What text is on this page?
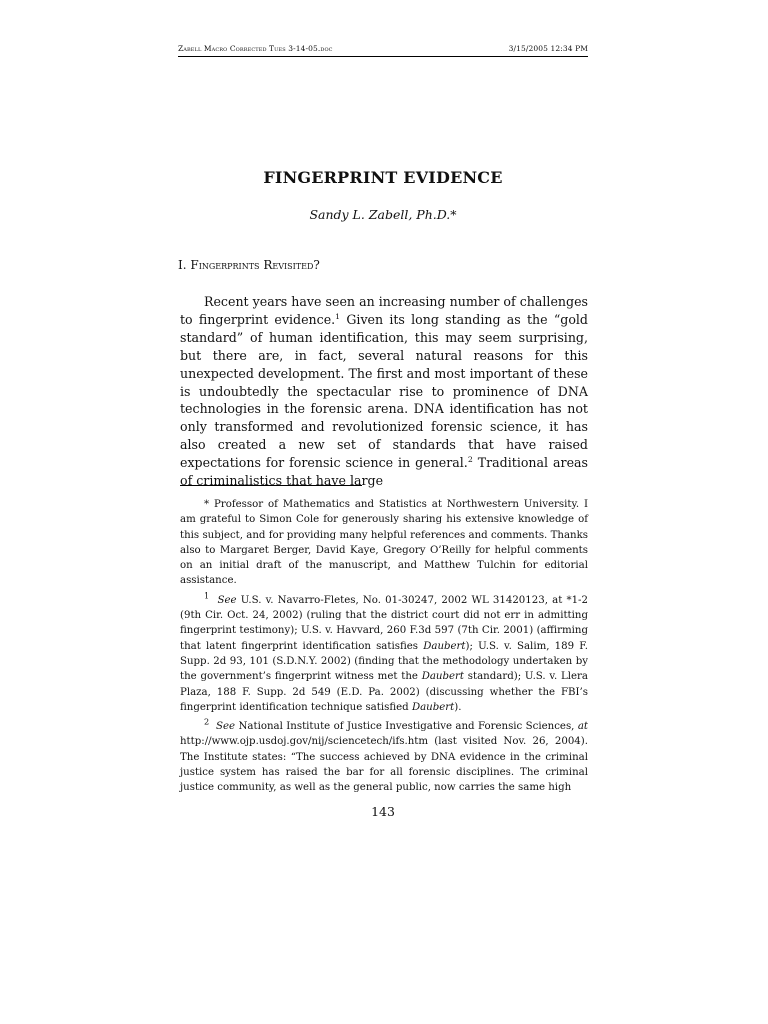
Zabell Macro Corrected Tues 3-14-05.doc	3/15/2005 12:34 PM
FINGERPRINT EVIDENCE
Sandy L. Zabell, Ph.D.*
I. Fingerprints Revisited?

Recent years have seen an increasing number of challenges to fingerprint evidence.$^1$ Given its long standing as the “gold standard” of human identification, this may seem surprising, but there are, in fact, several natural reasons for this unexpected development. The first and most important of these is undoubtedly the spectacular rise to prominence of DNA technologies in the forensic arena. DNA identification has not only transformed and revolutionized forensic science, it has also created a new set of standards that have raised expectations for forensic science in general.$^2$ Traditional areas of criminalistics that have large

* Professor of Mathematics and Statistics at Northwestern University. I am grateful to Simon Cole for generously sharing his extensive knowledge of this subject, and for providing many helpful references and comments. Thanks also to Margaret Berger, David Kaye, Gregory O’Reilly for helpful comments on an initial draft of the manuscript, and Matthew Tulchin for editorial assistance.

$^1$ See U.S. v. Navarro-Fletes, No. 01-30247, 2002 WL 31420123, at *1-2 (9th Cir. Oct. 24, 2002) (ruling that the district court did not err in admitting fingerprint testimony); U.S. v. Havvard, 260 F.3d 597 (7th Cir. 2001) (affirming that latent fingerprint identification satisfies Daubert); U.S. v. Salim, 189 F. Supp. 2d 93, 101 (S.D.N.Y. 2002) (finding that the methodology undertaken by the government’s fingerprint witness met the Daubert standard); U.S. v. Llera Plaza, 188 F. Supp. 2d 549 (E.D. Pa. 2002) (discussing whether the FBI’s fingerprint identification technique satisfied Daubert).

$^2$ See National Institute of Justice Investigative and Forensic Sciences, at http://www.ojp.usdoj.gov/nij/sciencetech/ifs.htm (last visited Nov. 26, 2004). The Institute states: “The success achieved by DNA evidence in the criminal justice system has raised the bar for all forensic disciplines. The criminal justice community, as well as the general public, now carries the same high

143
